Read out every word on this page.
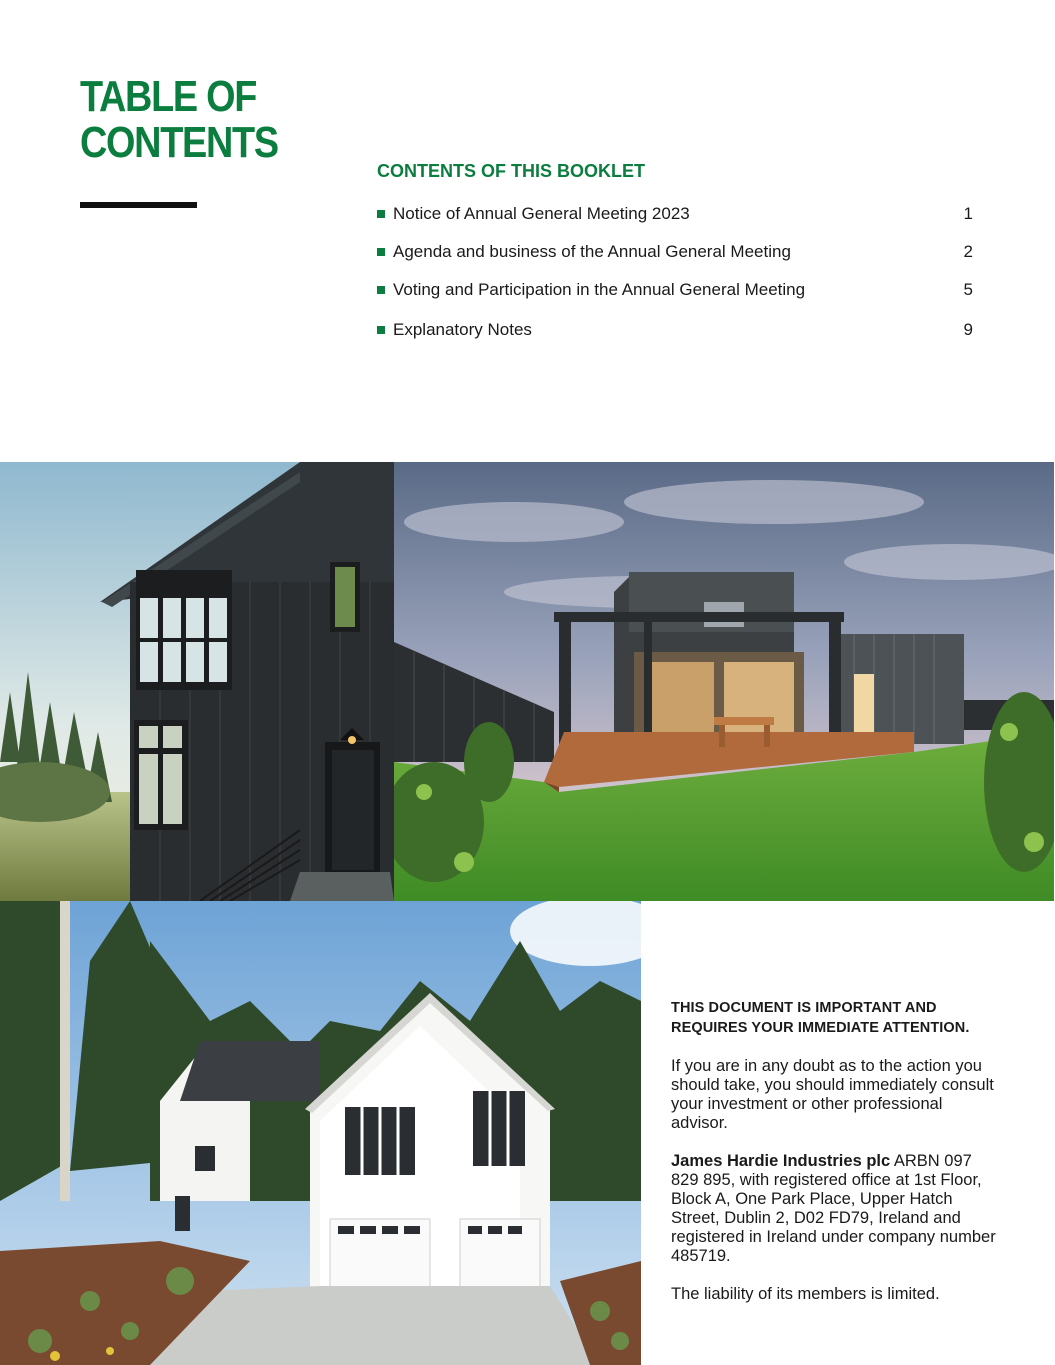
TABLE OF
CONTENTS
CONTENTS OF THIS BOOKLET
Notice of Annual General Meeting 2023	1
Agenda and business of the Annual General Meeting	2
Voting and Participation in the Annual General Meeting	5
Explanatory Notes	9

THIS DOCUMENT IS IMPORTANT AND REQUIRES YOUR IMMEDIATE ATTENTION.

If you are in any doubt as to the action you should take, you should immediately consult your investment or other professional advisor.

James Hardie Industries plc ARBN 097 829 895, with registered office at 1st Floor, Block A, One Park Place, Upper Hatch Street, Dublin 2, D02 FD79, Ireland and registered in Ireland under company number 485719.

The liability of its members is limited.
